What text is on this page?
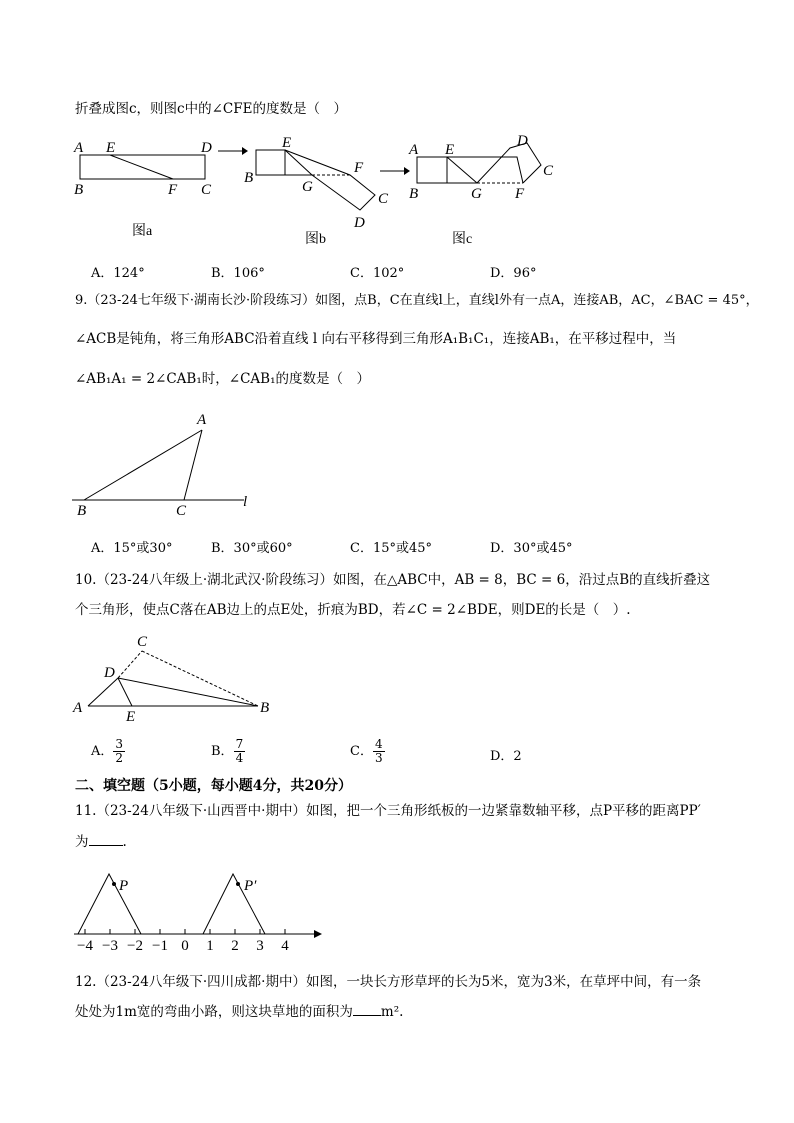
折叠成图c，则图c中的∠CFE的度数是（　）
A E	D
B	F C
图a
E
B
G
F
C
D
图b
A E
D
C
B	G F
图c
A．124°	B．106°	C．102°	D．96°
9.（23-24七年级下·湖南长沙·阶段练习）如图，点B，C在直线l上，直线l外有一点A，连接AB，AC，∠BAC = 45°，
∠ACB是钝角，将三角形ABC沿着直线 l 向右平移得到三角形A₁B₁C₁，连接AB₁，在平移过程中，当
∠AB₁A₁ = 2∠CAB₁时，∠CAB₁的度数是（　）
A
B	C
l
A．15°或30°	B．30°或60°	C．15°或45°	D．30°或45°
10.（23-24八年级上·湖北武汉·阶段练习）如图，在△ABC中，AB = 8，BC = 6，沿过点B的直线折叠这
个三角形，使点C落在AB边上的点E处，折痕为BD，若∠C = 2∠BDE，则DE的长是（　）.
C
D
A
E
B
A． $\frac{3}{2}$	B． $\frac{7}{4}$	C． $\frac{4}{3}$	D．2
二、填空题（5小题，每小题4分，共20分）
11.（23-24八年级下·山西晋中·期中）如图，把一个三角形纸板的一边紧靠数轴平移，点P平移的距离PP′
为	.
P	P′
−4 −3 −2 −1 0 1 2 3 4
12.（23-24八年级下·四川成都·期中）如图，一块长方形草坪的长为5米，宽为3米，在草坪中间，有一条
处处为1m宽的弯曲小路，则这块草地的面积为 m².
